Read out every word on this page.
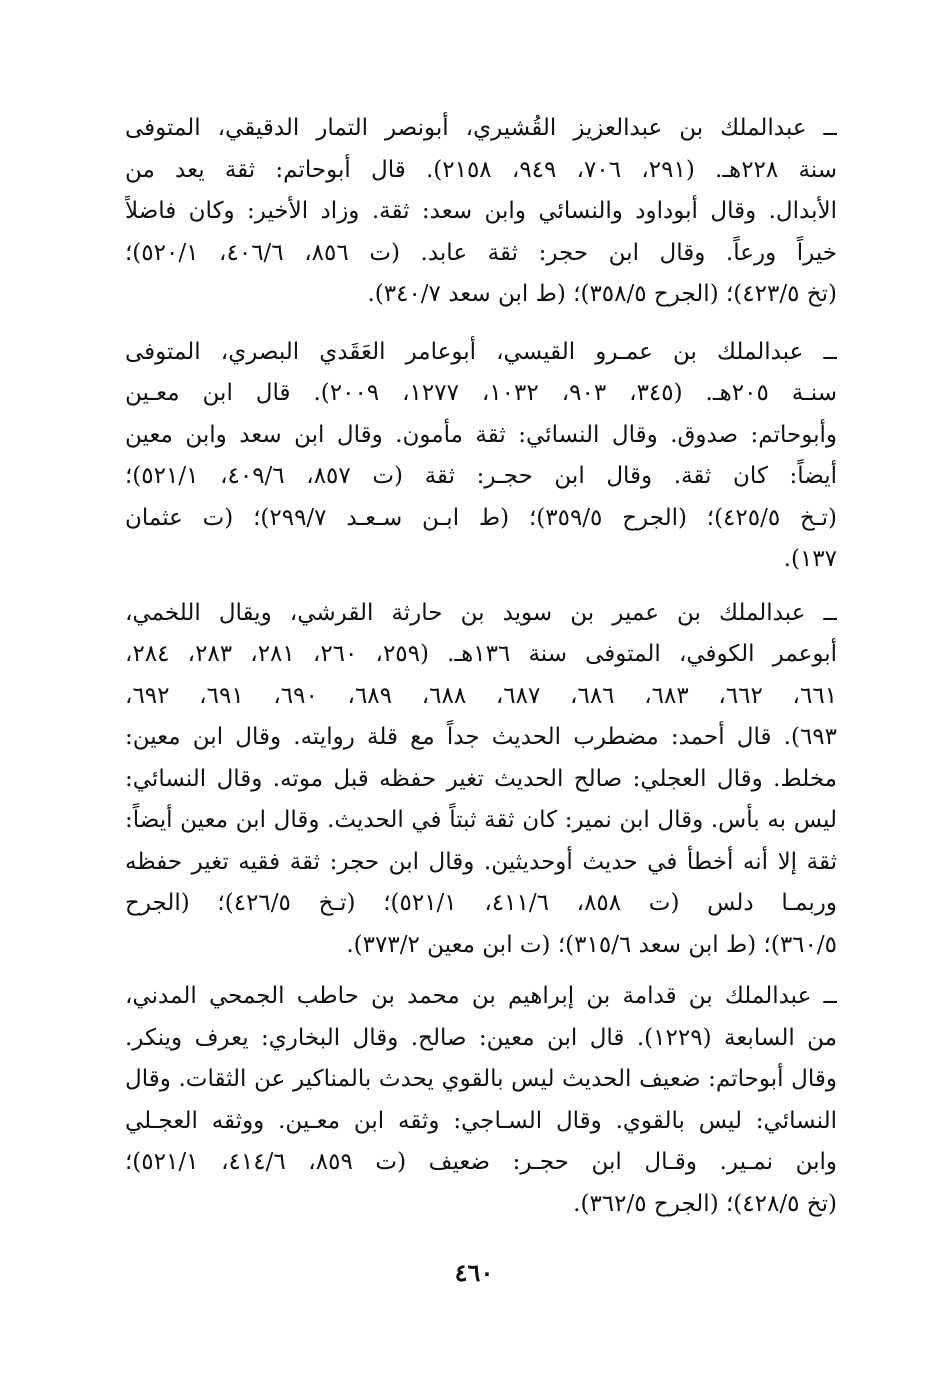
ــ عبدالملك بن عبدالعزيز القُشيري، أبونصر التمار الدقيقي، المتوفى
سنة ٢٢٨هـ. (٢٩١، ٧٠٦، ٩٤٩، ٢١٥٨). قال أبوحاتم: ثقة يعد من
الأبدال. وقال أبوداود والنسائي وابن سعد: ثقة. وزاد الأخير: وكان فاضلاً
خيراً ورعاً. وقال ابن حجر: ثقة عابد. (ت ٨٥٦، ٤٠٦/٦، ٥٢٠/١)؛
(تخ ٤٢٣/٥)؛ (الجرح ٣٥٨/٥)؛ (ط ابن سعد ٣٤٠/٧).
ــ عبدالملك بن عمـرو القيسي، أبوعامر العَقَدي البصري، المتوفى
سنـة ٢٠٥هـ. (٣٤٥، ٩٠٣، ١٠٣٢، ١٢٧٧، ٢٠٠٩). قال ابن معـين
وأبوحاتم: صدوق. وقال النسائي: ثقة مأمون. وقال ابن سعد وابن معين
أيضاً: كان ثقة. وقال ابن حجـر: ثقة (ت ٨٥٧، ٤٠٩/٦، ٥٢١/١)؛
(تـخ ٤٢٥/٥)؛ (الجرح ٣٥٩/٥)؛ (ط ابـن سـعـد ٢٩٩/٧)؛ (ت عثمان
١٣٧).
ــ عبدالملك بن عمير بن سويد بن حارثة القرشي، ويقال اللخمي،
أبوعمر الكوفي، المتوفى سنة ١٣٦هـ. (٢٥٩، ٢٦٠، ٢٨١، ٢٨٣، ٢٨٤،
٦٦١، ٦٦٢، ٦٨٣، ٦٨٦، ٦٨٧، ٦٨٨، ٦٨٩، ٦٩٠، ٦٩١، ٦٩٢،
٦٩٣). قال أحمد: مضطرب الحديث جداً مع قلة روايته. وقال ابن معين:
مخلط. وقال العجلي: صالح الحديث تغير حفظه قبل موته. وقال النسائي:
ليس به بأس. وقال ابن نمير: كان ثقة ثبتاً في الحديث. وقال ابن معين أيضاً:
ثقة إلا أنه أخطأ في حديث أوحديثين. وقال ابن حجر: ثقة فقيه تغير حفظه
وربمـا دلس (ت ٨٥٨، ٤١١/٦، ٥٢١/١)؛ (تـخ ٤٢٦/٥)؛ (الجرح
٣٦٠/٥)؛ (ط ابن سعد ٣١٥/٦)؛ (ت ابن معين ٣٧٣/٢).
ــ عبدالملك بن قدامة بن إبراهيم بن محمد بن حاطب الجمحي المدني،
من السابعة (١٢٢٩). قال ابن معين: صالح. وقال البخاري: يعرف وينكر.
وقال أبوحاتم: ضعيف الحديث ليس بالقوي يحدث بالمناكير عن الثقات. وقال
النسائي: ليس بالقوي. وقال السـاجي: وثقه ابن معـين. ووثقه العجـلي
وابن نمـير. وقـال ابن حجـر: ضعيف (ت ٨٥٩، ٤١٤/٦، ٥٢١/١)؛
(تخ ٤٢٨/٥)؛ (الجرح ٣٦٢/٥).
٤٦٠
